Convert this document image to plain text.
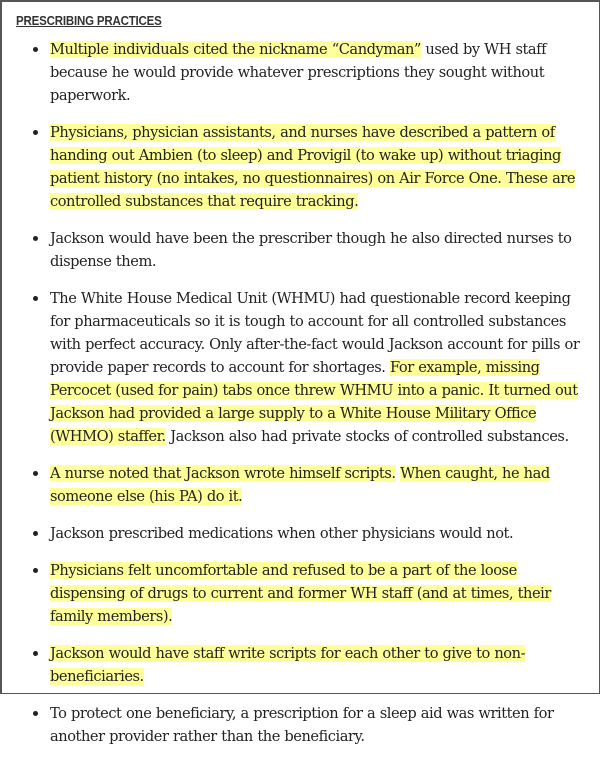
PRESCRIBING PRACTICES
Multiple individuals cited the nickname “Candyman” used by WH staff because he would provide whatever prescriptions they sought without paperwork.
Physicians, physician assistants, and nurses have described a pattern of handing out Ambien (to sleep) and Provigil (to wake up) without triaging patient history (no intakes, no questionnaires) on Air Force One. These are controlled substances that require tracking.
Jackson would have been the prescriber though he also directed nurses to dispense them.
The White House Medical Unit (WHMU) had questionable record keeping for pharmaceuticals so it is tough to account for all controlled substances with perfect accuracy. Only after-the-fact would Jackson account for pills or provide paper records to account for shortages. For example, missing Percocet (used for pain) tabs once threw WHMU into a panic. It turned out Jackson had provided a large supply to a White House Military Office (WHMO) staffer. Jackson also had private stocks of controlled substances.
A nurse noted that Jackson wrote himself scripts. When caught, he had someone else (his PA) do it.
Jackson prescribed medications when other physicians would not.
Physicians felt uncomfortable and refused to be a part of the loose dispensing of drugs to current and former WH staff (and at times, their family members).
Jackson would have staff write scripts for each other to give to non-beneficiaries.
To protect one beneficiary, a prescription for a sleep aid was written for another provider rather than the beneficiary.
